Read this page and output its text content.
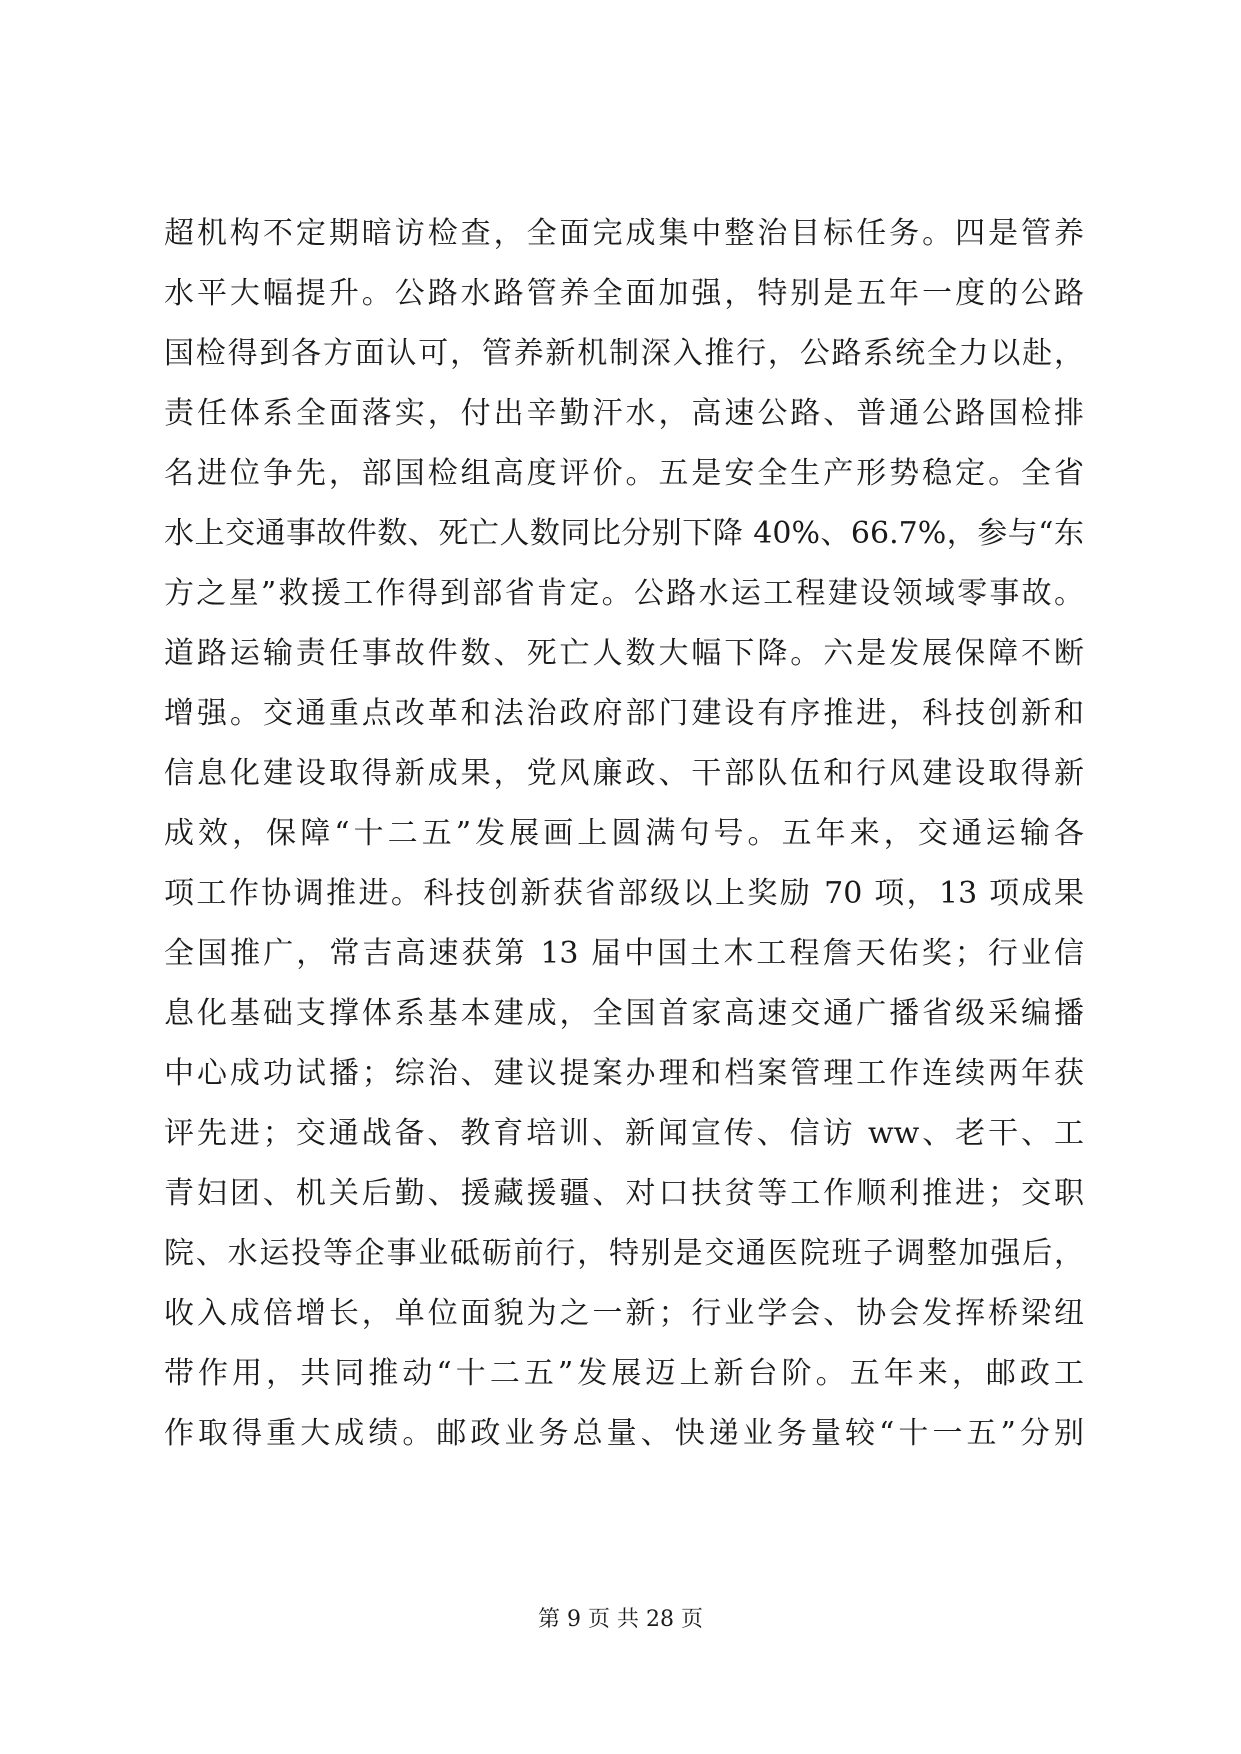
超机构不定期暗访检查，全面完成集中整治目标任务。四是管养
水平大幅提升。公路水路管养全面加强，特别是五年一度的公路
国检得到各方面认可，管养新机制深入推行，公路系统全力以赴，
责任体系全面落实，付出辛勤汗水，高速公路、普通公路国检排
名进位争先，部国检组高度评价。五是安全生产形势稳定。全省
水上交通事故件数、死亡人数同比分别下降 40%、66.7%，参与“东
方之星”救援工作得到部省肯定。公路水运工程建设领域零事故。
道路运输责任事故件数、死亡人数大幅下降。六是发展保障不断
增强。交通重点改革和法治政府部门建设有序推进，科技创新和
信息化建设取得新成果，党风廉政、干部队伍和行风建设取得新
成效，保障“十二五”发展画上圆满句号。五年来，交通运输各
项工作协调推进。科技创新获省部级以上奖励 70 项，13 项成果
全国推广，常吉高速获第 13 届中国土木工程詹天佑奖；行业信
息化基础支撑体系基本建成，全国首家高速交通广播省级采编播
中心成功试播；综治、建议提案办理和档案管理工作连续两年获
评先进；交通战备、教育培训、新闻宣传、信访 ww、老干、工
青妇团、机关后勤、援藏援疆、对口扶贫等工作顺利推进；交职
院、水运投等企事业砥砺前行，特别是交通医院班子调整加强后，
收入成倍增长，单位面貌为之一新；行业学会、协会发挥桥梁纽
带作用，共同推动“十二五”发展迈上新台阶。五年来，邮政工
作取得重大成绩。邮政业务总量、快递业务量较“十一五”分别
第 9 页 共 28 页
